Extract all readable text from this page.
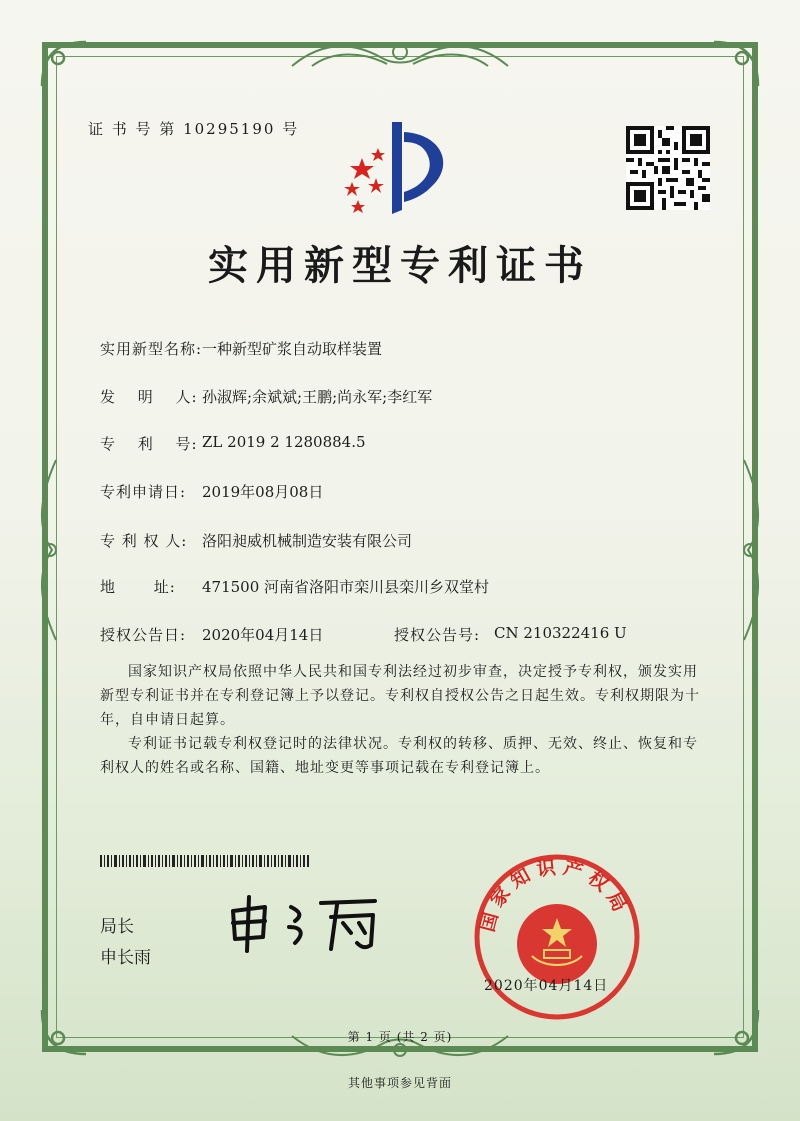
证 书 号 第 10295190 号
实用新型专利证书
实用新型名称: 一种新型矿浆自动取样装置
发　 明　 人: 孙淑辉;余斌斌;王鹏;尚永军;李红军
专　 利　 号: ZL 2019 2 1280884.5
专利申请日: 2019年08月08日
专 利 权 人: 洛阳昶威机械制造安装有限公司
地　　 址: 471500 河南省洛阳市栾川县栾川乡双堂村
授权公告日: 2020年04月14日	授权公告号: CN 210322416 U
国家知识产权局依照中华人民共和国专利法经过初步审查，决定授予专利权，颁发实用新型专利证书并在专利登记簿上予以登记。专利权自授权公告之日起生效。专利权期限为十年，自申请日起算。
专利证书记载专利权登记时的法律状况。专利权的转移、质押、无效、终止、恢复和专利权人的姓名或名称、国籍、地址变更等事项记载在专利登记簿上。
局长
申长雨
国家知识产权局
2020年04月14日
第 1 页 (共 2 页)
其他事项参见背面
